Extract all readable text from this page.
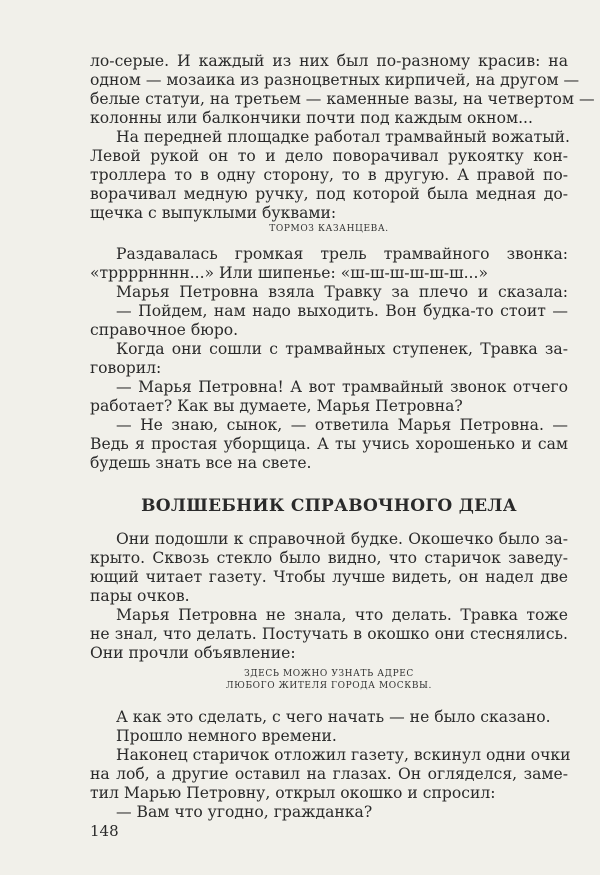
ло-серые. И каждый из них был по-разному красив: на
одном — мозаика из разноцветных кирпичей, на другом —
белые статуи, на третьем — каменные вазы, на четвертом —
колонны или балкончики почти под каждым окном...
На передней площадке работал трамвайный вожатый.
Левой рукой он то и дело поворачивал рукоятку кон-
троллера то в одну сторону, то в другую. А правой по-
ворачивал медную ручку, под которой была медная до-
щечка с выпуклыми буквами:
ТОРМОЗ КАЗАНЦЕВА.
Раздавалась громкая трель трамвайного звонка:
«тррррнннн...» Или шипенье: «ш-ш-ш-ш-ш-ш...»
Марья Петровна взяла Травку за плечо и сказала:
— Пойдем, нам надо выходить. Вон будка-то стоит —
справочное бюро.
Когда они сошли с трамвайных ступенек, Травка за-
говорил:
— Марья Петровна! А вот трамвайный звонок отчего
работает? Как вы думаете, Марья Петровна?
— Не знаю, сынок, — ответила Марья Петровна. —
Ведь я простая уборщица. А ты учись хорошенько и сам
будешь знать все на свете.
ВОЛШЕБНИК СПРАВОЧНОГО ДЕЛА
Они подошли к справочной будке. Окошечко было за-
крыто. Сквозь стекло было видно, что старичок заведу-
ющий читает газету. Чтобы лучше видеть, он надел две
пары очков.
Марья Петровна не знала, что делать. Травка тоже
не знал, что делать. Постучать в окошко они стеснялись.
Они прочли объявление:
ЗДЕСЬ МОЖНО УЗНАТЬ АДРЕС
ЛЮБОГО ЖИТЕЛЯ ГОРОДА МОСКВЫ.
А как это сделать, с чего начать — не было сказано.
Прошло немного времени.
Наконец старичок отложил газету, вскинул одни очки
на лоб, а другие оставил на глазах. Он огляделся, заме-
тил Марью Петровну, открыл окошко и спросил:
— Вам что угодно, гражданка?
148
